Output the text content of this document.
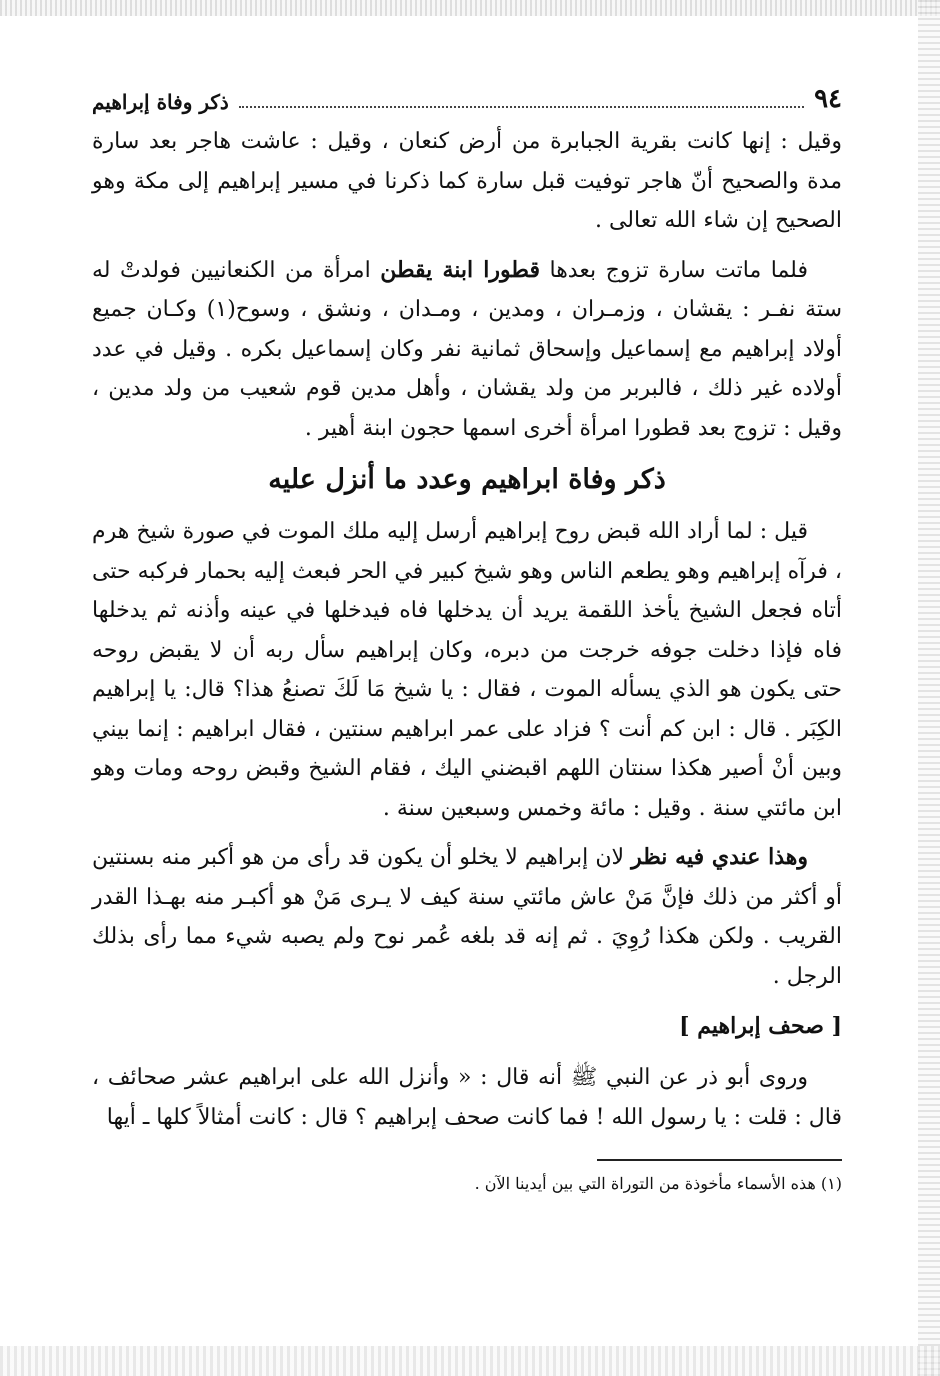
٩٤
ذكر وفاة إبراهيم

وقيل : إنها كانت بقرية الجبابرة من أرض كنعان ، وقيل : عاشت هاجر بعد سارة مدة والصحيح أنّ هاجر توفيت قبل سارة كما ذكرنا في مسير إبراهيم إلى مكة وهو الصحيح إن شاء الله تعالى .

فلما ماتت سارة تزوج بعدها قطورا ابنة يقطن امرأة من الكنعانيين فولدتْ له ستة نفـر : يقشان ، وزمـران ، ومدين ، ومـدان ، ونشق ، وسوح(١) وكـان جميع أولاد إبراهيم مع إسماعيل وإسحاق ثمانية نفر وكان إسماعيل بكره . وقيل في عدد أولاده غير ذلك ، فالبربر من ولد يقشان ، وأهل مدين قوم شعيب من ولد مدين ، وقيل : تزوج بعد قطورا امرأة أخرى اسمها حجون ابنة أهير .

ذكر وفاة ابراهيم وعدد ما أنزل عليه

قيل : لما أراد الله قبض روح إبراهيم أرسل إليه ملك الموت في صورة شيخ هرم ، فرآه إبراهيم وهو يطعم الناس وهو شيخ كبير في الحر فبعث إليه بحمار فركبه حتى أتاه فجعل الشيخ يأخذ اللقمة يريد أن يدخلها فاه فيدخلها في عينه وأذنه ثم يدخلها فاه فإذا دخلت جوفه خرجت من دبره، وكان إبراهيم سأل ربه أن لا يقبض روحه حتى يكون هو الذي يسأله الموت ، فقال : يا شيخ مَا لَكَ تصنعُ هذا؟ قال: يا إبراهيم الكِبَر . قال : ابن كم أنت ؟ فزاد على عمر ابراهيم سنتين ، فقال ابراهيم : إنما بيني وبين أنْ أصير هكذا سنتان اللهم اقبضني اليك ، فقام الشيخ وقبض روحه ومات وهو ابن مائتي سنة . وقيل : مائة وخمس وسبعين سنة .

وهذا عندي فيه نظر لان إبراهيم لا يخلو أن يكون قد رأى من هو أكبر منه بسنتين أو أكثر من ذلك فإنَّ مَنْ عاش مائتي سنة كيف لا يـرى مَنْ هو أكبـر منه بهـذا القدر القريب . ولكن هكذا رُوِيَ . ثم إنه قد بلغه عُمر نوح ولم يصبه شيء مما رأى بذلك الرجل .

[ صحف إبراهيم ]

وروى أبو ذر عن النبي ﷺ أنه قال : « وأنزل الله على ابراهيم عشر صحائف ، قال : قلت : يا رسول الله ! فما كانت صحف إبراهيم ؟ قال : كانت أمثالاً كلها ـ أيها

(١) هذه الأسماء مأخوذة من التوراة التي بين أيدينا الآن .
